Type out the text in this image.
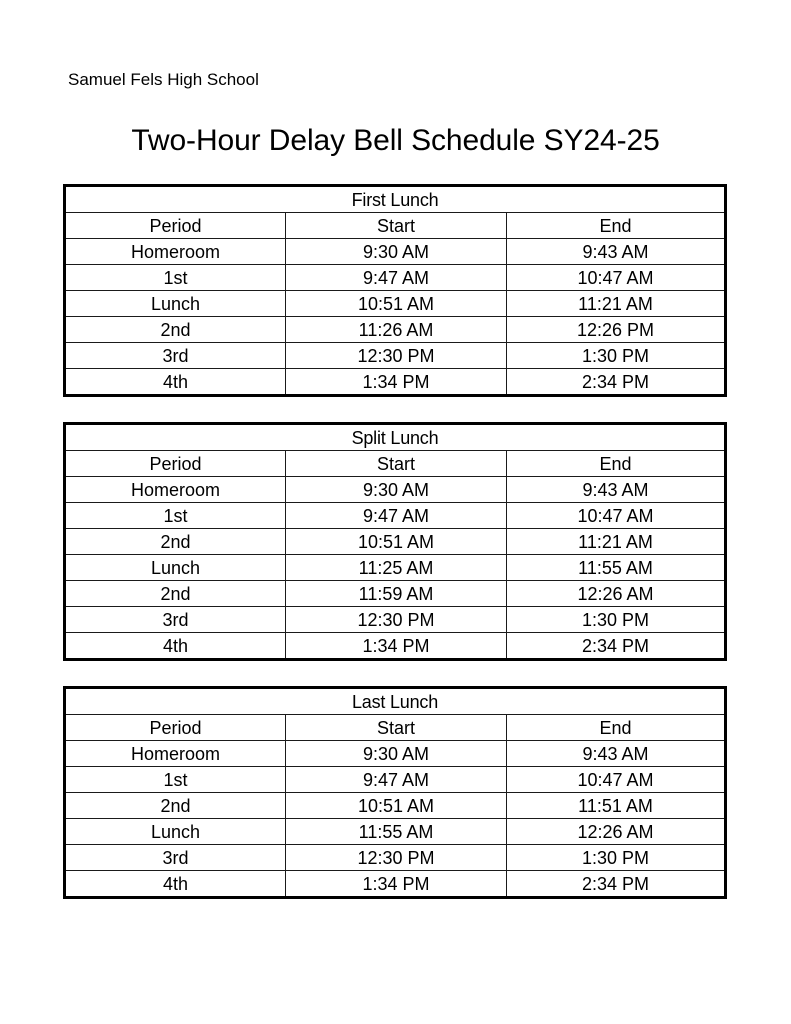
Samuel Fels High School
Two-Hour Delay Bell Schedule SY24-25
First Lunch		
Period	Start	End
Homeroom	9:30 AM	9:43 AM
1st	9:47 AM	10:47 AM
Lunch	10:51 AM	11:21 AM
2nd	11:26 AM	12:26 PM
3rd	12:30 PM	1:30 PM
4th	1:34 PM	2:34 PM
Split Lunch		
Period	Start	End
Homeroom	9:30 AM	9:43 AM
1st	9:47 AM	10:47 AM
2nd	10:51 AM	11:21 AM
Lunch	11:25 AM	11:55 AM
2nd	11:59 AM	12:26 AM
3rd	12:30 PM	1:30 PM
4th	1:34 PM	2:34 PM
Last Lunch		
Period	Start	End
Homeroom	9:30 AM	9:43 AM
1st	9:47 AM	10:47 AM
2nd	10:51 AM	11:51 AM
Lunch	11:55 AM	12:26 AM
3rd	12:30 PM	1:30 PM
4th	1:34 PM	2:34 PM
